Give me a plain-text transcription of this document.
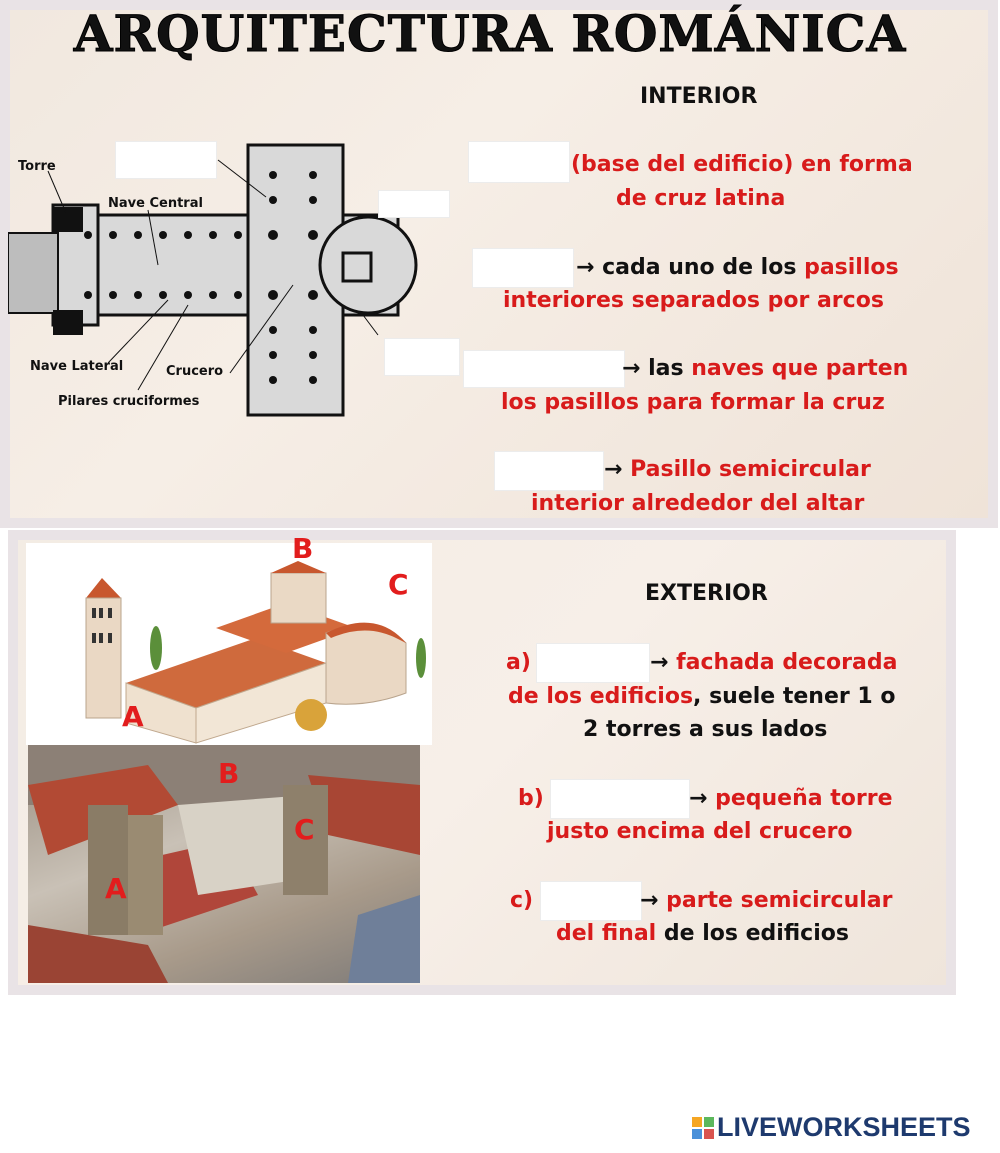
ARQUITECTURA ROMÁNICA
INTERIOR
Torre
Nave Central
Nave Lateral	Crucero
Pilares cruciformes
(base del edificio) en forma
de cruz latina
→ cada uno de los pasillos
interiores separados por arcos
→ las naves que parten
los pasillos para formar la cruz
→ Pasillo semicircular
interior alrededor del altar
A
B
C
A
B
C
EXTERIOR
a)	→ fachada decorada
de los edificios, suele tener 1 o
2 torres a sus lados
b)	→ pequeña torre
justo encima del crucero
c)	→ parte semicircular
del final de los edificios
LIVEWORKSHEETS
